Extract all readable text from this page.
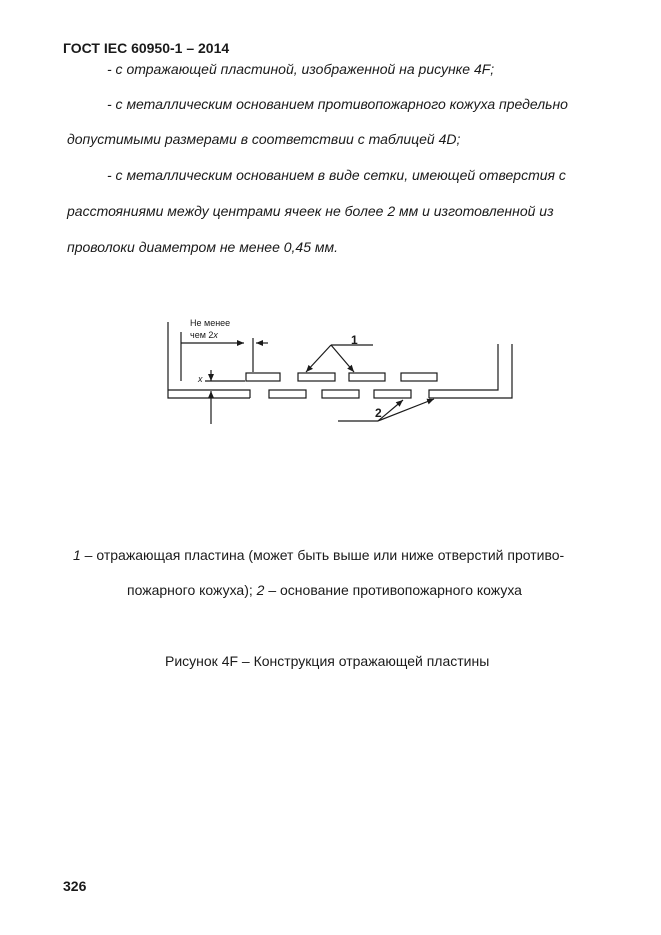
ГОСТ IEC 60950-1 – 2014
- с отражающей пластиной, изображенной на рисунке 4F;
- с металлическим основанием противопожарного кожуха предельно
допустимыми размерами в соответствии с таблицей 4D;
- с металлическим основанием в виде сетки, имеющей отверстия с
расстояниями между центрами ячеек не более 2 мм и изготовленной из
проволоки диаметром не менее 0,45 мм.
Не менее
чем 2x
x
1
2
1 – отражающая пластина (может быть выше или ниже отверстий противо-
пожарного кожуха); 2 – основание противопожарного кожуха
Рисунок 4F – Конструкция отражающей пластины
326
